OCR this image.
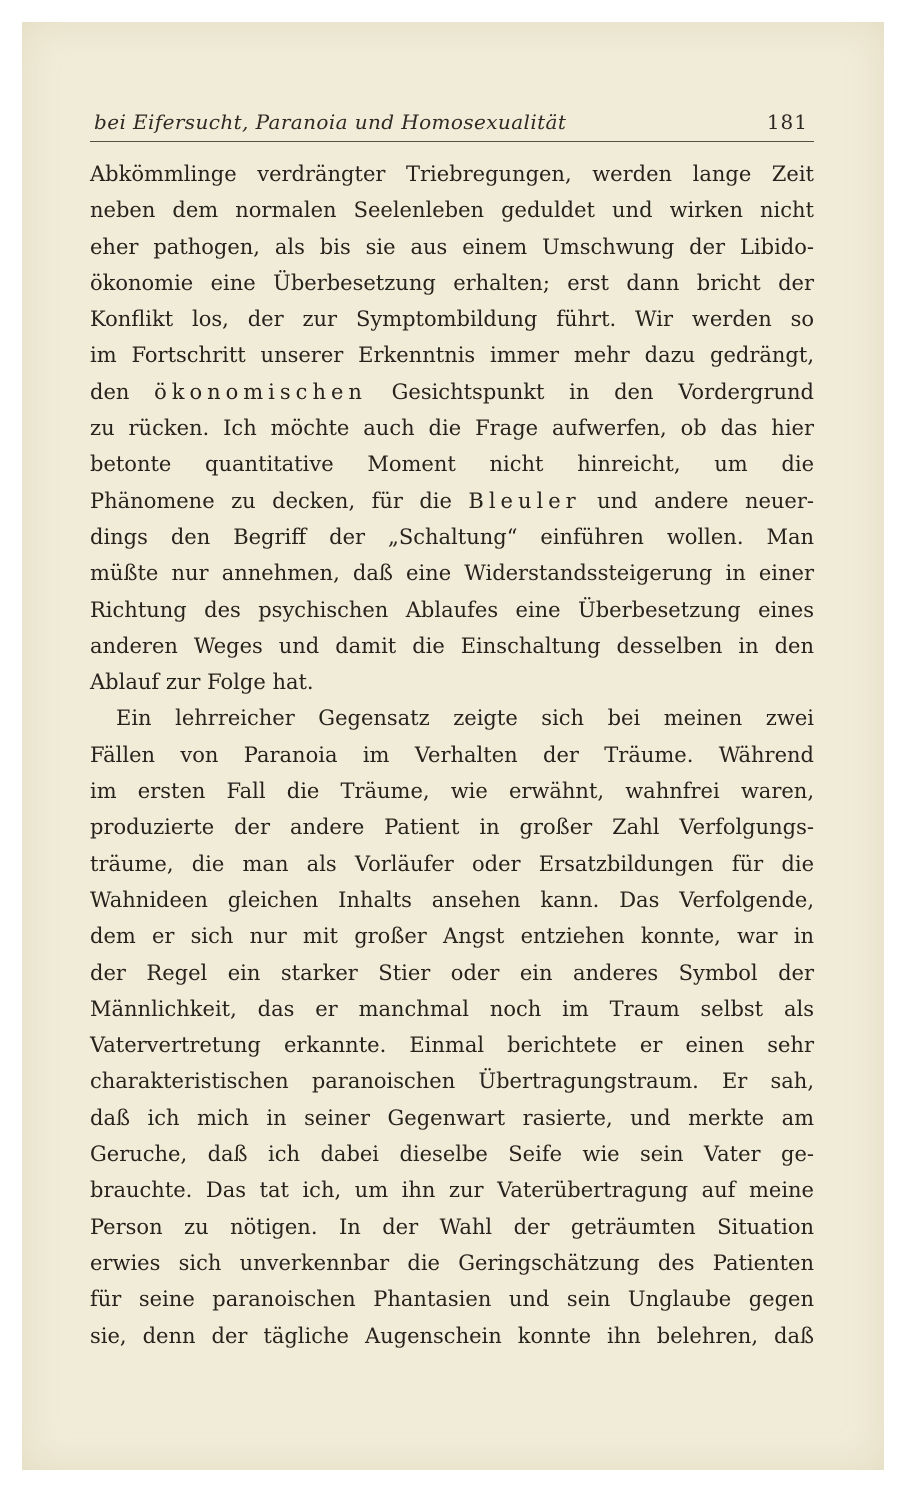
bei Eifersucht, Paranoia und Homosexualität	181
Abkömmlinge verdrängter Triebregungen, werden lange Zeit
neben dem normalen Seelenleben geduldet und wirken nicht
eher pathogen, als bis sie aus einem Umschwung der Libido-
ökonomie eine Überbesetzung erhalten; erst dann bricht der
Konflikt los, der zur Symptombildung führt. Wir werden so
im Fortschritt unserer Erkenntnis immer mehr dazu gedrängt,
den ökonomischen Gesichtspunkt in den Vordergrund
zu rücken. Ich möchte auch die Frage aufwerfen, ob das hier
betonte quantitative Moment nicht hinreicht, um die
Phänomene zu decken, für die Bleuler und andere neuer-
dings den Begriff der „Schaltung“ einführen wollen. Man
müßte nur annehmen, daß eine Widerstandssteigerung in einer
Richtung des psychischen Ablaufes eine Überbesetzung eines
anderen Weges und damit die Einschaltung desselben in den
Ablauf zur Folge hat.
Ein lehrreicher Gegensatz zeigte sich bei meinen zwei
Fällen von Paranoia im Verhalten der Träume. Während
im ersten Fall die Träume, wie erwähnt, wahnfrei waren,
produzierte der andere Patient in großer Zahl Verfolgungs-
träume, die man als Vorläufer oder Ersatzbildungen für die
Wahnideen gleichen Inhalts ansehen kann. Das Verfolgende,
dem er sich nur mit großer Angst entziehen konnte, war in
der Regel ein starker Stier oder ein anderes Symbol der
Männlichkeit, das er manchmal noch im Traum selbst als
Vatervertretung erkannte. Einmal berichtete er einen sehr
charakteristischen paranoischen Übertragungstraum. Er sah,
daß ich mich in seiner Gegenwart rasierte, und merkte am
Geruche, daß ich dabei dieselbe Seife wie sein Vater ge-
brauchte. Das tat ich, um ihn zur Vaterübertragung auf meine
Person zu nötigen. In der Wahl der geträumten Situation
erwies sich unverkennbar die Geringschätzung des Patienten
für seine paranoischen Phantasien und sein Unglaube gegen
sie, denn der tägliche Augenschein konnte ihn belehren, daß
